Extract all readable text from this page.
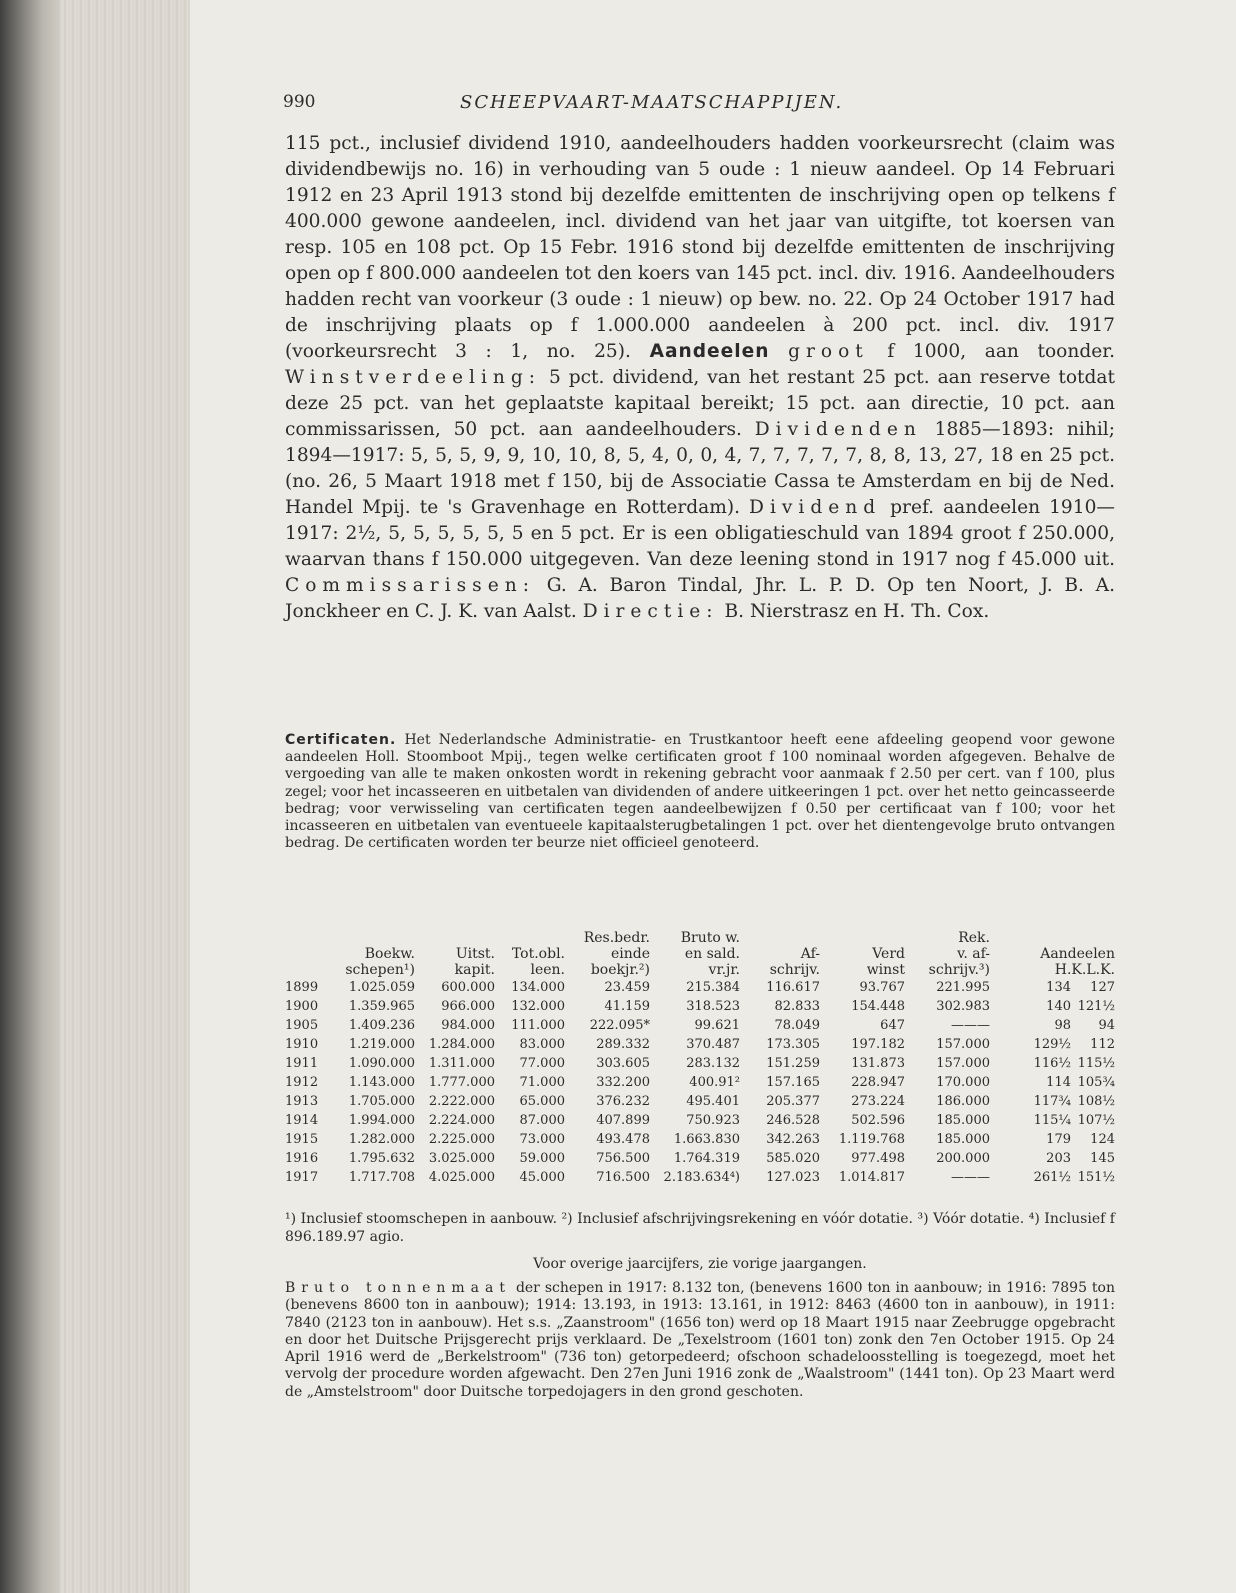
990	SCHEEPVAART-MAATSCHAPPIJEN.

115 pct., inclusief dividend 1910, aandeelhouders hadden voorkeursrecht (claim was dividendbewijs no. 16) in verhouding van 5 oude : 1 nieuw aandeel. Op 14 Februari 1912 en 23 April 1913 stond bij dezelfde emittenten de inschrijving open op telkens f 400.000 gewone aandeelen, incl. dividend van het jaar van uitgifte, tot koersen van resp. 105 en 108 pct. Op 15 Febr. 1916 stond bij dezelfde emittenten de inschrijving open op f 800.000 aandeelen tot den koers van 145 pct. incl. div. 1916. Aandeelhouders hadden recht van voorkeur (3 oude : 1 nieuw) op bew. no. 22. Op 24 October 1917 had de inschrijving plaats op f 1.000.000 aandeelen à 200 pct. incl. div. 1917 (voorkeursrecht 3 : 1, no. 25). Aandeelen groot f 1000, aan toonder. Winstverdeeling: 5 pct. dividend, van het restant 25 pct. aan reserve totdat deze 25 pct. van het geplaatste kapitaal bereikt; 15 pct. aan directie, 10 pct. aan commissarissen, 50 pct. aan aandeelhouders. Dividenden 1885—1893: nihil; 1894—1917: 5, 5, 5, 9, 9, 10, 10, 8, 5, 4, 0, 0, 4, 7, 7, 7, 7, 7, 8, 8, 13, 27, 18 en 25 pct. (no. 26, 5 Maart 1918 met f 150, bij de Associatie Cassa te Amsterdam en bij de Ned. Handel Mpij. te 's Gravenhage en Rotterdam). Dividend pref. aandeelen 1910—1917: 2½, 5, 5, 5, 5, 5, 5 en 5 pct. Er is een obligatieschuld van 1894 groot f 250.000, waarvan thans f 150.000 uitgegeven. Van deze leening stond in 1917 nog f 45.000 uit. Commissarissen: G. A. Baron Tindal, Jhr. L. P. D. Op ten Noort, J. B. A. Jonckheer en C. J. K. van Aalst. Directie: B. Nierstrasz en H. Th. Cox.

Certificaten. Het Nederlandsche Administratie- en Trustkantoor heeft eene afdeeling geopend voor gewone aandeelen Holl. Stoomboot Mpij., tegen welke certificaten groot f 100 nominaal worden afgegeven. Behalve de vergoeding van alle te maken onkosten wordt in rekening gebracht voor aanmaak f 2.50 per cert. van f 100, plus zegel; voor het incasseeren en uitbetalen van dividenden of andere uitkeeringen 1 pct. over het netto geincasseerde bedrag; voor verwisseling van certificaten tegen aandeelbewijzen f 0.50 per certificaat van f 100; voor het incasseeren en uitbetalen van eventueele kapitaalsterugbetalingen 1 pct. over het dientengevolge bruto ontvangen bedrag. De certificaten worden ter beurze niet officieel genoteerd.

				Res.bedr.	Bruto w.			Rek.	
	Boekw.	Uitst.	Tot.obl.	einde	en sald.	Af-	Verd	v. af-	Aandeelen
	schepen¹)	kapit.	leen.	boekjr.²)	vr.jr.	schrijv.	winst	schrijv.³)	H.K.L.K.
1899	1.025.059	600.000	134.000	23.459	215.384	116.617	93.767	221.995	134 127
1900	1.359.965	966.000	132.000	41.159	318.523	82.833	154.448	302.983	140 121½
1905	1.409.236	984.000	111.000	222.095*	99.621	78.049	647	———	98 94
1910	1.219.000	1.284.000	83.000	289.332	370.487	173.305	197.182	157.000	129½ 112
1911	1.090.000	1.311.000	77.000	303.605	283.132	151.259	131.873	157.000	116½ 115½
1912	1.143.000	1.777.000	71.000	332.200	400.91²	157.165	228.947	170.000	114 105¾
1913	1.705.000	2.222.000	65.000	376.232	495.401	205.377	273.224	186.000	117¾ 108½
1914	1.994.000	2.224.000	87.000	407.899	750.923	246.528	502.596	185.000	115¼ 107½
1915	1.282.000	2.225.000	73.000	493.478	1.663.830	342.263	1.119.768	185.000	179 124
1916	1.795.632	3.025.000	59.000	756.500	1.764.319	585.020	977.498	200.000	203 145
1917	1.717.708	4.025.000	45.000	716.500	2.183.634⁴)	127.023	1.014.817	———	261½ 151½

¹) Inclusief stoomschepen in aanbouw. ²) Inclusief afschrijvingsrekening en vóór dotatie. ³) Vóór dotatie. ⁴) Inclusief f 896.189.97 agio.

Voor overige jaarcijfers, zie vorige jaargangen.

Bruto tonnenmaat der schepen in 1917: 8.132 ton, (benevens 1600 ton in aanbouw; in 1916: 7895 ton (benevens 8600 ton in aanbouw); 1914: 13.193, in 1913: 13.161, in 1912: 8463 (4600 ton in aanbouw), in 1911: 7840 (2123 ton in aanbouw). Het s.s. „Zaanstroom" (1656 ton) werd op 18 Maart 1915 naar Zeebrugge opgebracht en door het Duitsche Prijsgerecht prijs verklaard. De „Texelstroom (1601 ton) zonk den 7en October 1915. Op 24 April 1916 werd de „Berkelstroom" (736 ton) getorpedeerd; ofschoon schadeloosstelling is toegezegd, moet het vervolg der procedure worden afgewacht. Den 27en Juni 1916 zonk de „Waalstroom" (1441 ton). Op 23 Maart werd de „Amstelstroom" door Duitsche torpedojagers in den grond geschoten.
